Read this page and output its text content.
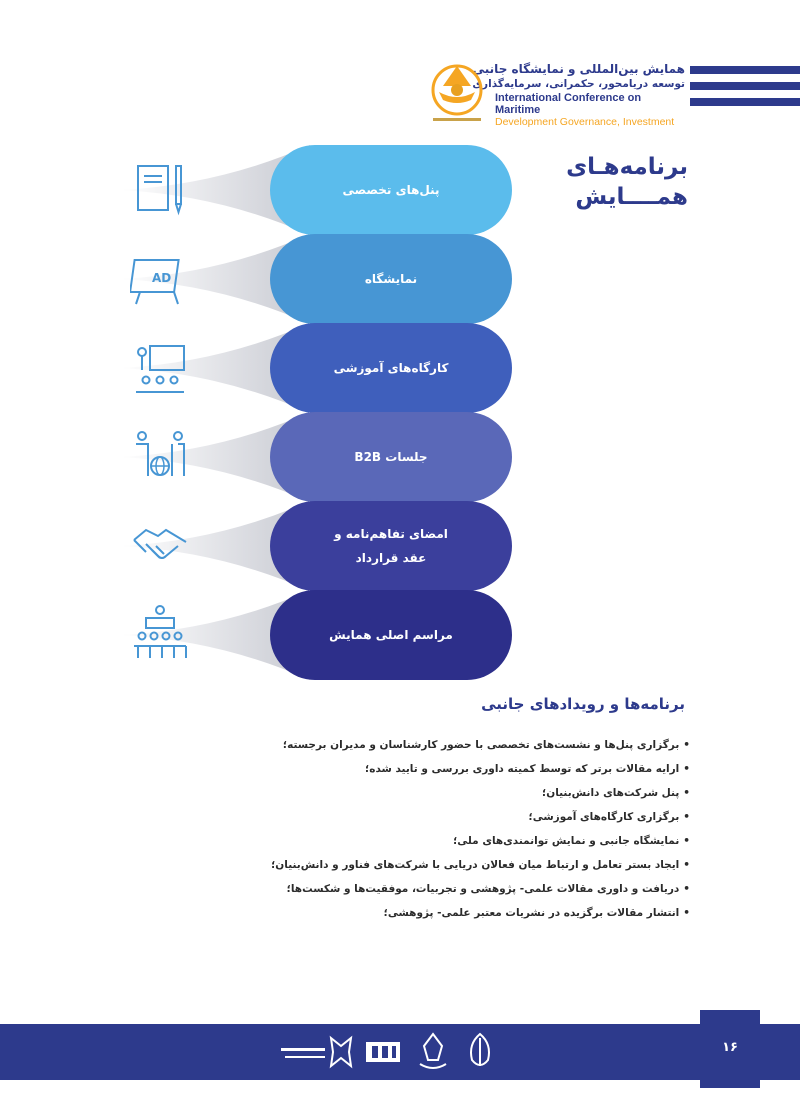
همایش بین‌المللی و نمایشگاه جانبی
توسعه دریامحور، حکمرانی، سرمایه‌گذاری
International Conference on Maritime
Development Governance, Investment
برنامه‌هـای
همــــایش
پنل‌های تخصصی
نمایشگاه
AD
کارگاه‌های آموزشی
جلسات B2B
امضای تفاهم‌نامه و
عقد قرارداد
مراسم اصلی همایش
برنامه‌ها و رویدادهای جانبی
• برگزاری پنل‌ها و نشست‌های تخصصی با حضور کارشناسان و مدیران برجسته؛
• ارایه مقالات برتر که توسط کمیته داوری بررسی و تایید شده؛
• پنل شرکت‌های دانش‌بنیان؛
• برگزاری کارگاه‌های آموزشی؛
• نمایشگاه جانبی و نمایش توانمندی‌های ملی؛
• ایجاد بستر تعامل و ارتباط میان فعالان دریایی با شرکت‌های فناور و دانش‌بنیان؛
• دریافت و داوری مقالات علمی- پژوهشی و تجربیات، موفقیت‌ها و شکست‌ها؛
• انتشار مقالات برگزیده در نشریات معتبر علمی- پژوهشی؛
۱۶
